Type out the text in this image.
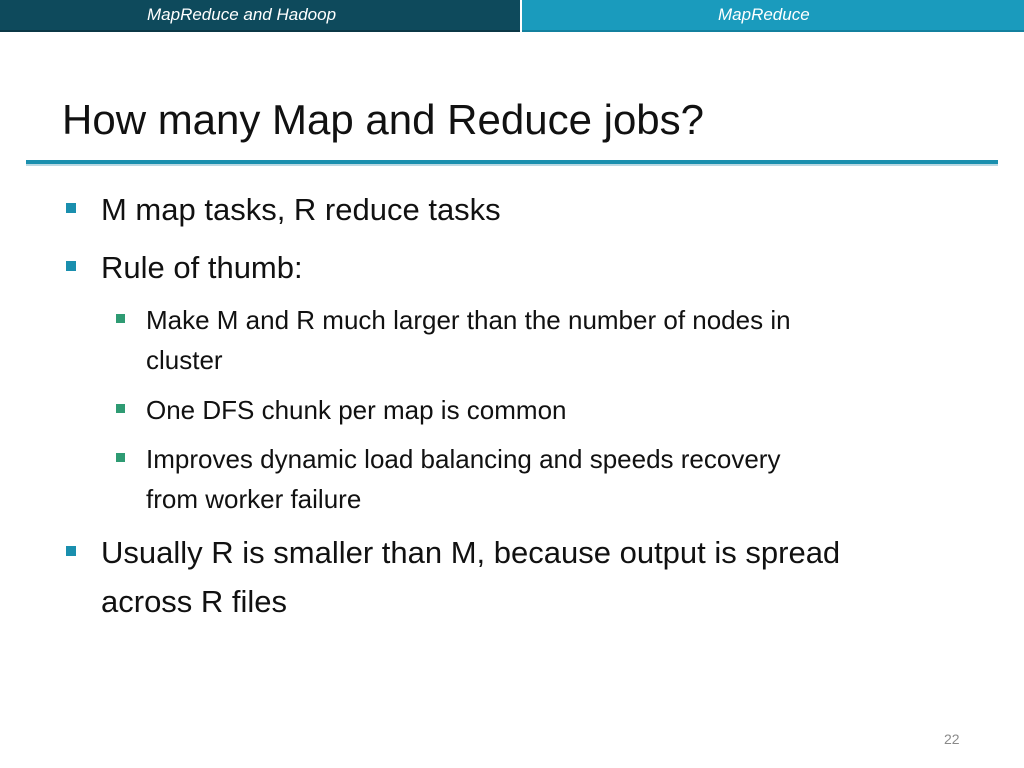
MapReduce and Hadoop	MapReduce
How many Map and Reduce jobs?
M map tasks, R reduce tasks
Rule of thumb:
Make M and R much larger than the number of nodes in
cluster
One DFS chunk per map is common
Improves dynamic load balancing and speeds recovery
from worker failure
Usually R is smaller than M, because output is spread
across R files
22
